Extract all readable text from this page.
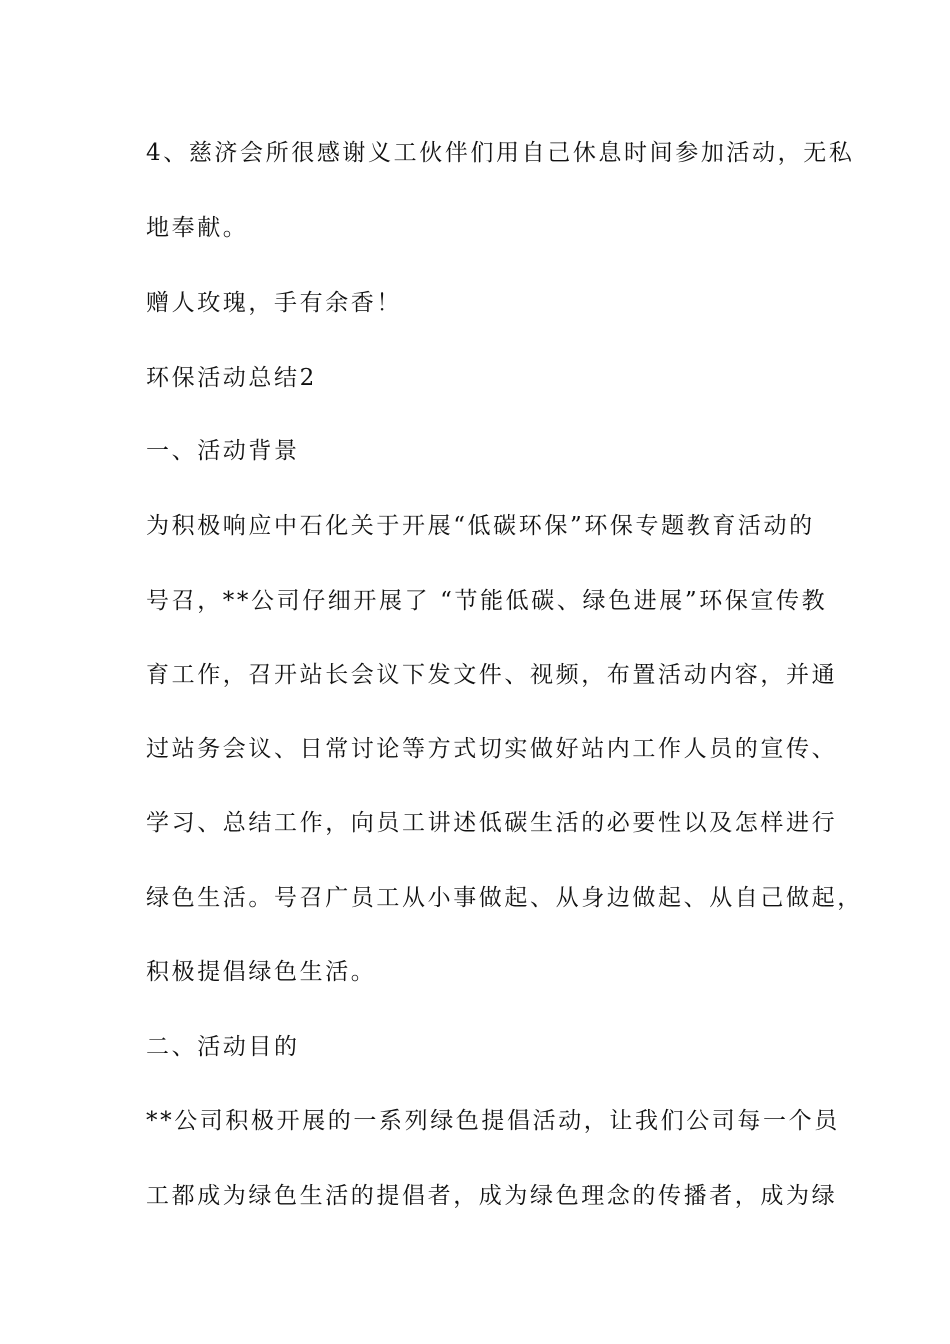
4、慈济会所很感谢义工伙伴们用自己休息时间参加活动，无私
地奉献。
赠人玫瑰，手有余香！
环保活动总结2
一、活动背景
为积极响应中石化关于开展“低碳环保”环保专题教育活动的
号召，**公司仔细开展了 “节能低碳、绿色进展”环保宣传教
育工作，召开站长会议下发文件、视频，布置活动内容，并通
过站务会议、日常讨论等方式切实做好站内工作人员的宣传、
学习、总结工作，向员工讲述低碳生活的必要性以及怎样进行
绿色生活。号召广员工从小事做起、从身边做起、从自己做起，
积极提倡绿色生活。
二、活动目的
**公司积极开展的一系列绿色提倡活动，让我们公司每一个员
工都成为绿色生活的提倡者，成为绿色理念的传播者，成为绿
